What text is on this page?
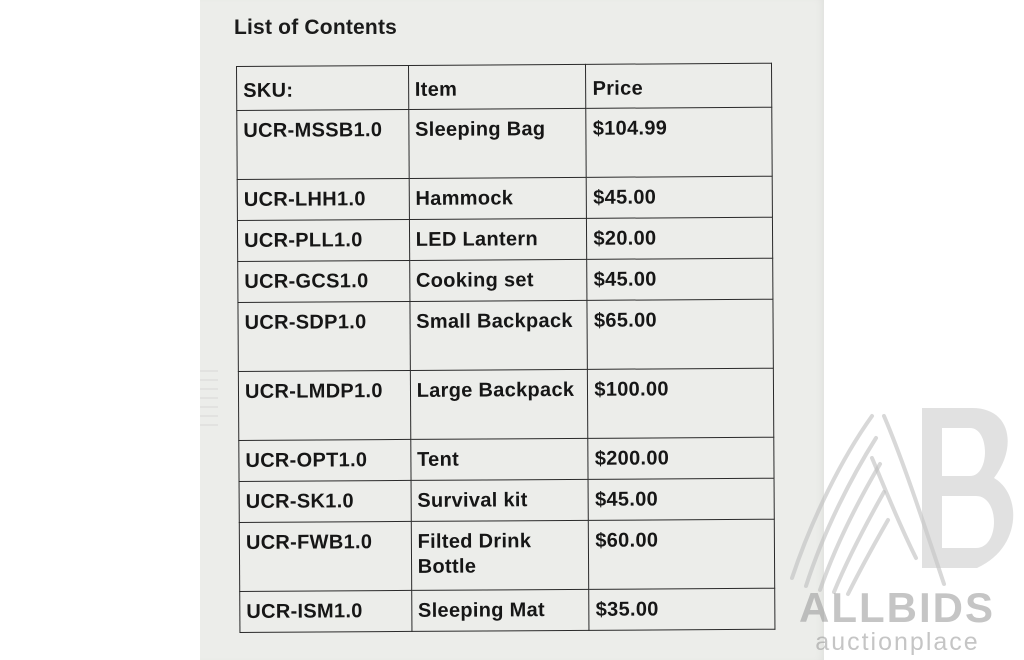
List of Contents
SKU:	Item	Price
UCR-MSSB1.0	Sleeping Bag	$104.99
UCR-LHH1.0	Hammock	$45.00
UCR-PLL1.0	LED Lantern	$20.00
UCR-GCS1.0	Cooking set	$45.00
UCR-SDP1.0	Small Backpack	$65.00
UCR-LMDP1.0	Large Backpack	$100.00
UCR-OPT1.0	Tent	$200.00
UCR-SK1.0	Survival kit	$45.00
UCR-FWB1.0	Filted Drink Bottle	$60.00
UCR-ISM1.0	Sleeping Mat	$35.00	ALLBIDS
auctionplace
